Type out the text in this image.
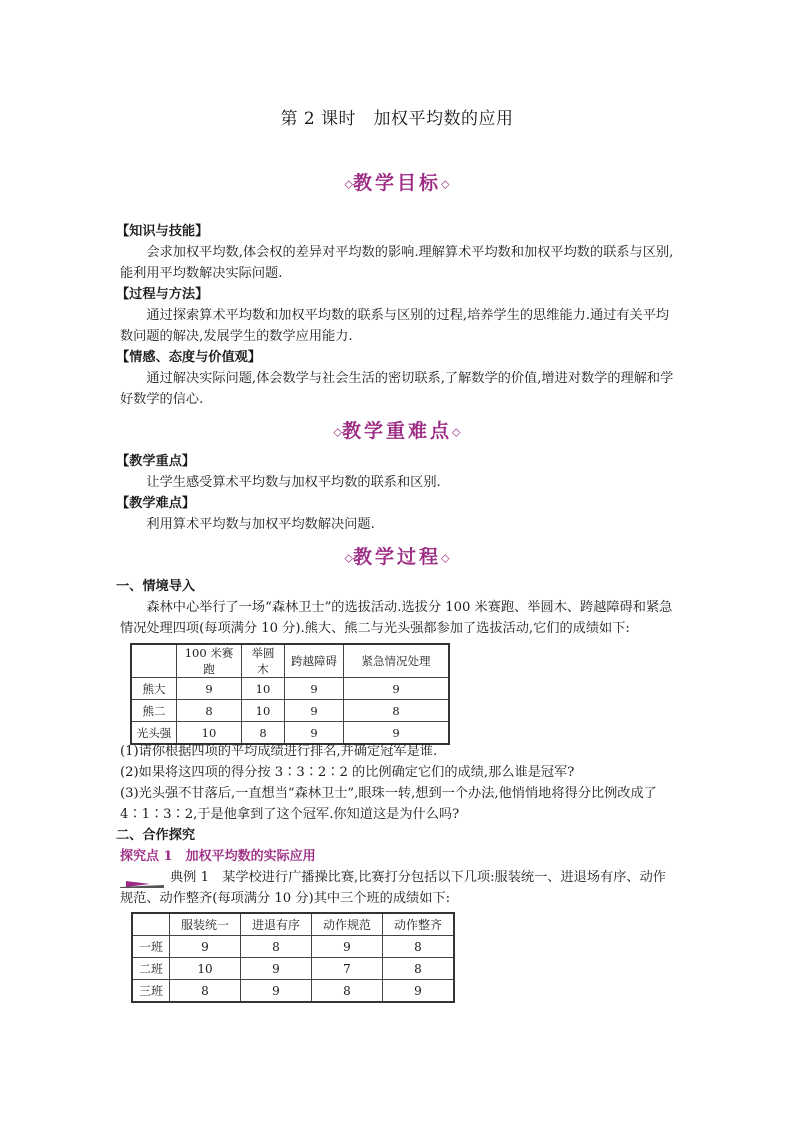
第 2 课时　加权平均数的应用
◇教学目标◇
【知识与技能】
会求加权平均数,体会权的差异对平均数的影响.理解算术平均数和加权平均数的联系与区别,能利用平均数解决实际问题.
【过程与方法】
通过探索算术平均数和加权平均数的联系与区别的过程,培养学生的思维能力.通过有关平均数问题的解决,发展学生的数学应用能力.
【情感、态度与价值观】
通过解决实际问题,体会数学与社会生活的密切联系,了解数学的价值,增进对数学的理解和学好数学的信心.
◇教学重难点◇
【教学重点】
让学生感受算术平均数与加权平均数的联系和区别.
【教学难点】
利用算术平均数与加权平均数解决问题.
◇教学过程◇
一、情境导入
森林中心举行了一场“森林卫士”的选拔活动.选拔分 100 米赛跑、举圆木、跨越障碍和紧急情况处理四项(每项满分 10 分).熊大、熊二与光头强都参加了选拔活动,它们的成绩如下:
	100 米赛跑	举圆木	跨越障碍	紧急情况处理
熊大	9	10	9	9
熊二	8	10	9	8
光头强	10	8	9	9
(1)请你根据四项的平均成绩进行排名,并确定冠军是谁.
(2)如果将这四项的得分按 3∶3∶2∶2 的比例确定它们的成绩,那么谁是冠军?
(3)光头强不甘落后,一直想当“森林卫士”,眼珠一转,想到一个办法,他悄悄地将得分比例改成了 4∶1∶3∶2,于是他拿到了这个冠军.你知道这是为什么吗?
二、合作探究
探究点 1　加权平均数的实际应用
典例 1　某学校进行广播操比赛,比赛打分包括以下几项:服装统一、进退场有序、动作规范、动作整齐(每项满分 10 分)其中三个班的成绩如下:
	服装统一	进退有序	动作规范	动作整齐
一班	9	8	9	8
二班	10	9	7	8
三班	8	9	8	9
